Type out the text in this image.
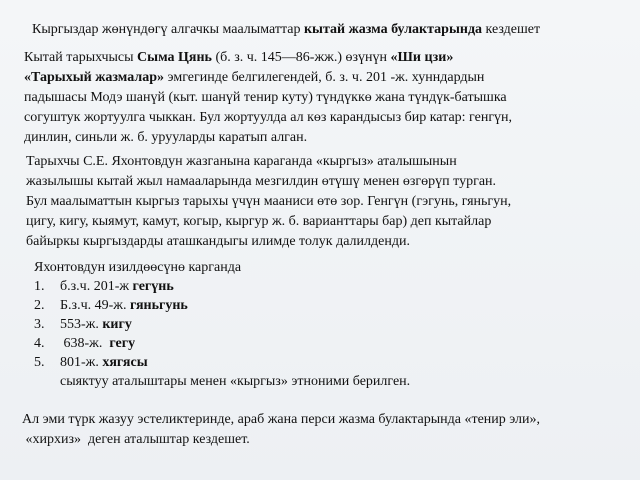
Кыргыздар жөнүндөгү алгачкы маалыматтар кытай жазма булактарында кездешет
Кытай тарыхчысы Сыма Цянь (б. з. ч. 145—86-жж.) өзүнүн «Ши цзи»
«Тарыхый жазмалар» эмгегинде белгилегендей, б. з. ч. 201 -ж. хунндардын
падышасы Модэ шанүй (кыт. шанүй тенир куту) түндүккө жана түндүк-батышка
согуштук жортуулга чыккан. Бул жортуулда ал көз карандысыз бир катар: генгүн,
динлин, синьли ж. б. урууларды каратып алган.
Тарыхчы С.Е. Яхонтовдун жазганына караганда «кыргыз» аталышынын
жазылышы кытай жыл намааларында мезгилдин өтүшү менен өзгөрүп турган.
Бул маалыматтын кыргыз тарыхы үчүн мааниси өтө зор. Генгүн (гэгунь, гяньгун,
цигу, кигу, кыямут, камут, когыр, кыргур ж. б. варианттары бар) деп кытайлар
байыркы кыргыздарды аташкандыгы илимде толук далилденди.
Яхонтовдун изилдөөсүнө карганда
1.	б.з.ч. 201-ж
гегүнь
2.	Б.з.ч. 49-ж.
гяньгунь
3.	553-ж.
кигу
4.	638-ж.
гегу
5.	801-ж.
хягясы
сыяктуу аталыштары менен «кыргыз» этноними берилген.
Ал эми түрк жазуу эстеликтеринде, араб жана перси жазма булактарында «тенир эли»,
«хирхиз»  деген аталыштар кездешет.
